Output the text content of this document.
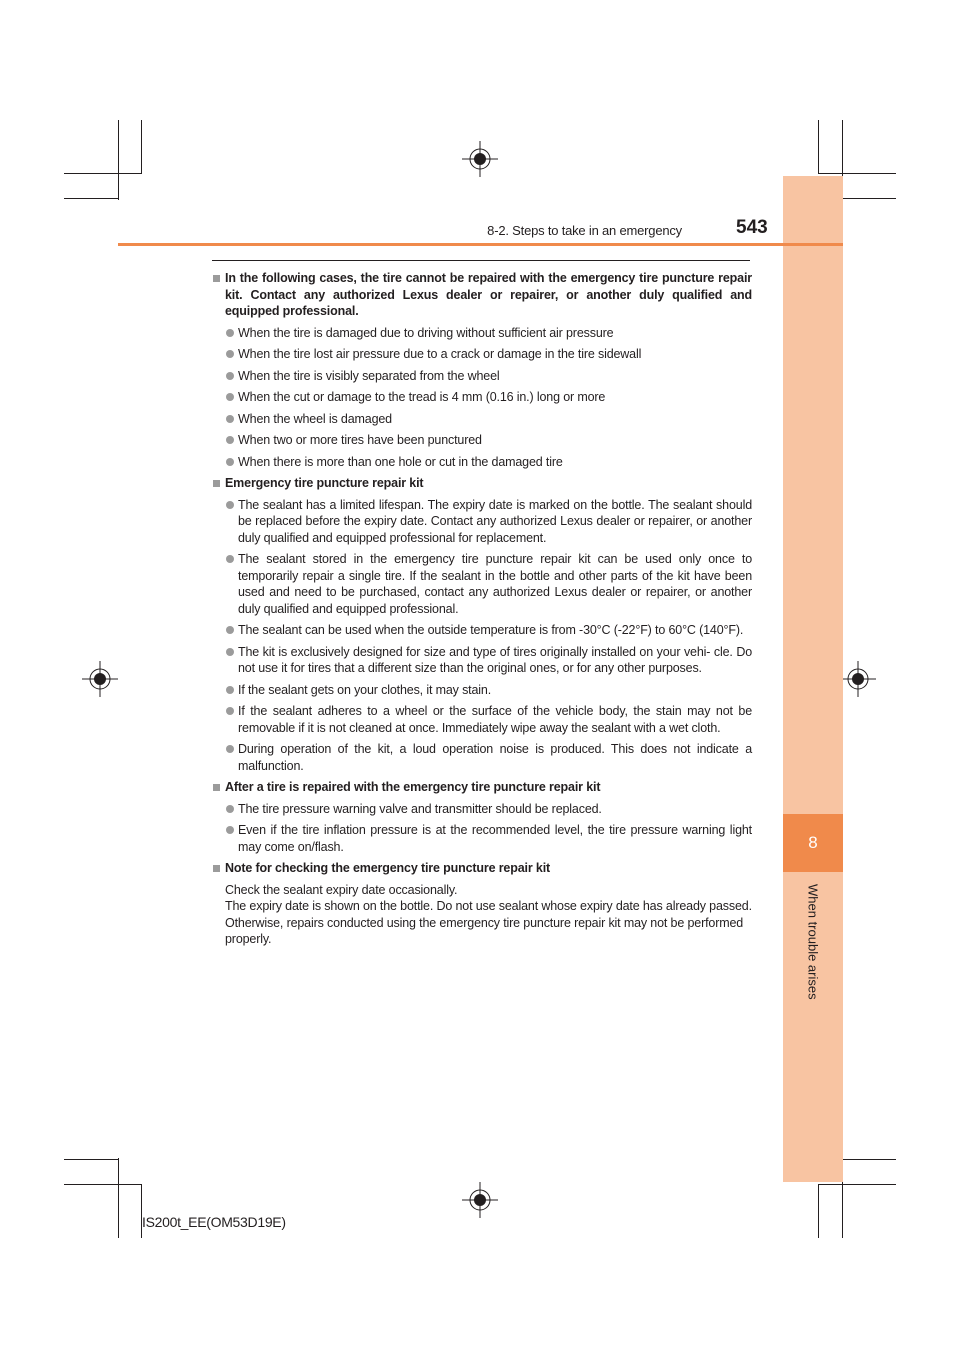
8
When trouble arises
8-2. Steps to take in an emergency	543
In the following cases, the tire cannot be repaired with the emergency tire puncture repair kit. Contact any authorized Lexus dealer or repairer, or another duly qualified and equipped professional.
When the tire is damaged due to driving without sufficient air pressure
When the tire lost air pressure due to a crack or damage in the tire sidewall
When the tire is visibly separated from the wheel
When the cut or damage to the tread is 4 mm (0.16 in.) long or more
When the wheel is damaged
When two or more tires have been punctured
When there is more than one hole or cut in the damaged tire
Emergency tire puncture repair kit
The sealant has a limited lifespan. The expiry date is marked on the bottle. The sealant should be replaced before the expiry date. Contact any authorized Lexus dealer or repairer, or another duly qualified and equipped professional for replacement.
The sealant stored in the emergency tire puncture repair kit can be used only once to temporarily repair a single tire. If the sealant in the bottle and other parts of the kit have been used and need to be purchased, contact any authorized Lexus dealer or repairer, or another duly qualified and equipped professional.
The sealant can be used when the outside temperature is from -30°C (-22°F) to 60°C (140°F).
The kit is exclusively designed for size and type of tires originally installed on your vehi- cle. Do not use it for tires that a different size than the original ones, or for any other purposes.
If the sealant gets on your clothes, it may stain.
If the sealant adheres to a wheel or the surface of the vehicle body, the stain may not be removable if it is not cleaned at once. Immediately wipe away the sealant with a wet cloth.
During operation of the kit, a loud operation noise is produced. This does not indicate a malfunction.
After a tire is repaired with the emergency tire puncture repair kit
The tire pressure warning valve and transmitter should be replaced.
Even if the tire inflation pressure is at the recommended level, the tire pressure warning light may come on/flash.
Note for checking the emergency tire puncture repair kit
Check the sealant expiry date occasionally.
The expiry date is shown on the bottle. Do not use sealant whose expiry date has already passed. Otherwise, repairs conducted using the emergency tire puncture repair kit may not be performed properly.
IS200t_EE(OM53D19E)
